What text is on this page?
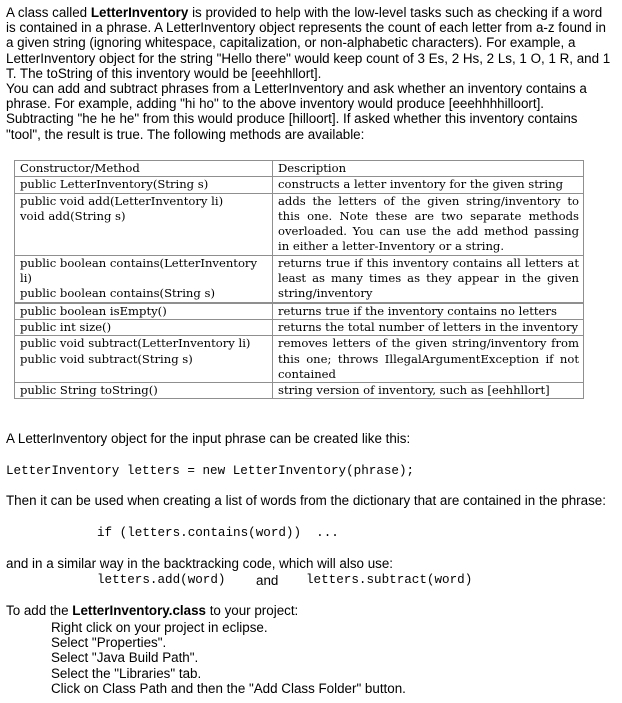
A class called LetterInventory is provided to help with the low-level tasks such as checking if a word is contained in a phrase. A LetterInventory object represents the count of each letter from a-z found in a given string (ignoring whitespace, capitalization, or non-alphabetic characters). For example, a LetterInventory object for the string "Hello there" would keep count of 3 Es, 2 Hs, 2 Ls, 1 O, 1 R, and 1 T. The toString of this inventory would be [eeehhllort].

You can add and subtract phrases from a LetterInventory and ask whether an inventory contains a phrase. For example, adding "hi ho" to the above inventory would produce [eeehhhhilloort]. Subtracting "he he he" from this would produce [hilloort]. If asked whether this inventory contains "tool", the result is true. The following methods are available:

Constructor/Method	Description

public LetterInventory(String s)	constructs a letter inventory for the given string

public void add(LetterInventory li)
void add(String s)	adds the letters of the given string/inventory to this one. Note these are two separate methods overloaded. You can use the add method passing in either a letter-Inventory or a string.

public boolean contains(LetterInventory li)
public boolean contains(String s)	returns true if this inventory contains all letters at least as many times as they appear in the given string/inventory

public boolean isEmpty()	returns true if the inventory contains no letters

public int size()	returns the total number of letters in the inventory

public void subtract(LetterInventory li)
public void subtract(String s)	removes letters of the given string/inventory from this one; throws IllegalArgumentException if not contained

public String toString()	string version of inventory, such as [eehhllort]
A LetterInventory object for the input phrase can be created like this:
LetterInventory letters = new LetterInventory(phrase);
Then it can be used when creating a list of words from the dictionary that are contained in the phrase:
if (letters.contains(word))  ...
and in a similar way in the backtracking code, which will also use:
letters.add(word) and letters.subtract(word)
To add the LetterInventory.class to your project:
Right click on your project in eclipse.
Select "Properties".
Select "Java Build Path".
Select the "Libraries" tab.
Click on Class Path and then the "Add Class Folder" button.
